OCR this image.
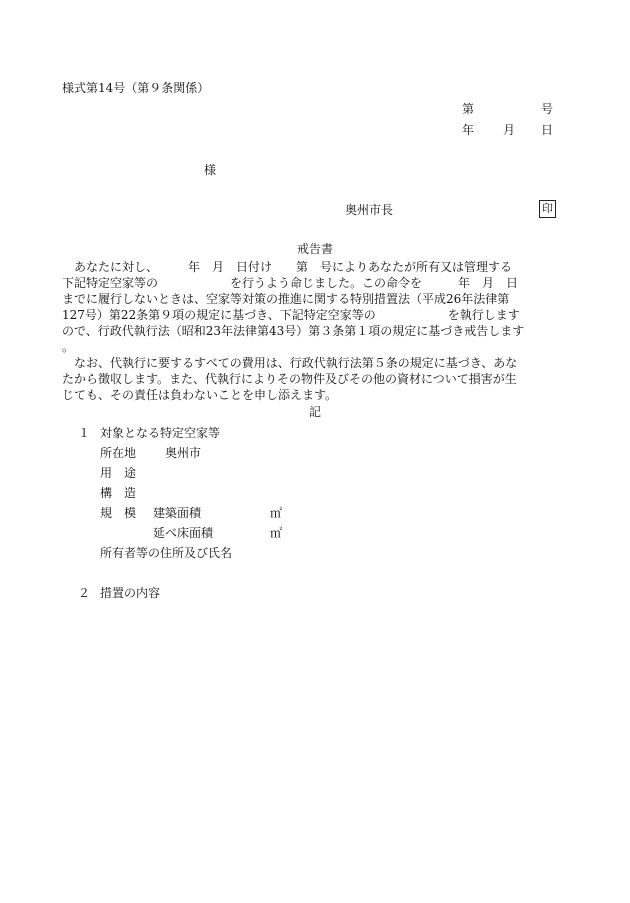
様式第14号（第９条関係）
第	号
年 月 日
様
奥州市長	印
戒告書
　あなたに対し、　　　年　月　日付け　　第　号によりあなたが所有又は管理する
下記特定空家等の　　　　　　を行うよう命じました。この命令を　　　年　月　日
までに履行しないときは、空家等対策の推進に関する特別措置法（平成26年法律第
127号）第22条第９項の規定に基づき、下記特定空家等の　　　　　　を執行します
ので、行政代執行法（昭和23年法律第43号）第３条第１項の規定に基づき戒告します
。
　なお、代執行に要するすべての費用は、行政代執行法第５条の規定に基づき、あな
たから徴収します。また、代執行によりその物件及びその他の資材について損害が生
じても、その責任は負わないことを申し添えます。
記
１ 対象となる特定空家等
所在地 奥州市
用　途
構　造
規　模 建築面積	㎡
延べ床面積	㎡
所有者等の住所及び氏名
２ 措置の内容
